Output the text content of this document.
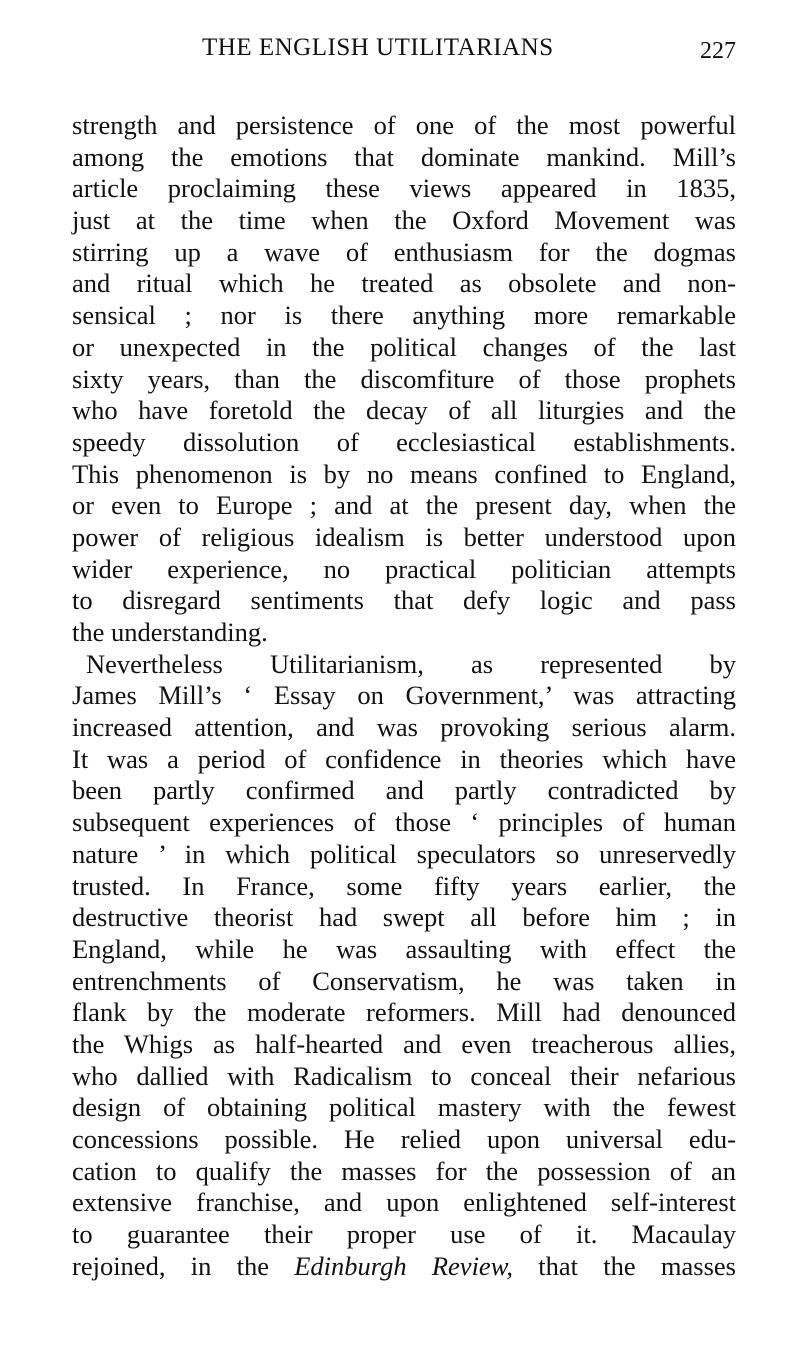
THE ENGLISH UTILITARIANS	227
strength and persistence of one of the most powerful
among the emotions that dominate mankind. Mill’s
article proclaiming these views appeared in 1835,
just at the time when the Oxford Movement was
stirring up a wave of enthusiasm for the dogmas
and ritual which he treated as obsolete and non-
sensical ; nor is there anything more remarkable
or unexpected in the political changes of the last
sixty years, than the discomfiture of those prophets
who have foretold the decay of all liturgies and the
speedy dissolution of ecclesiastical establishments.
This phenomenon is by no means confined to England,
or even to Europe ; and at the present day, when the
power of religious idealism is better understood upon
wider experience, no practical politician attempts
to disregard sentiments that defy logic and pass
the understanding.
Nevertheless Utilitarianism, as represented by
James Mill’s ‘ Essay on Government,’ was attracting
increased attention, and was provoking serious alarm.
It was a period of confidence in theories which have
been partly confirmed and partly contradicted by
subsequent experiences of those ‘ principles of human
nature ’ in which political speculators so unreservedly
trusted. In France, some fifty years earlier, the
destructive theorist had swept all before him ; in
England, while he was assaulting with effect the
entrenchments of Conservatism, he was taken in
flank by the moderate reformers. Mill had denounced
the Whigs as half-hearted and even treacherous allies,
who dallied with Radicalism to conceal their nefarious
design of obtaining political mastery with the fewest
concessions possible. He relied upon universal edu-
cation to qualify the masses for the possession of an
extensive franchise, and upon enlightened self-interest
to guarantee their proper use of it. Macaulay
rejoined, in the Edinburgh Review, that the masses
